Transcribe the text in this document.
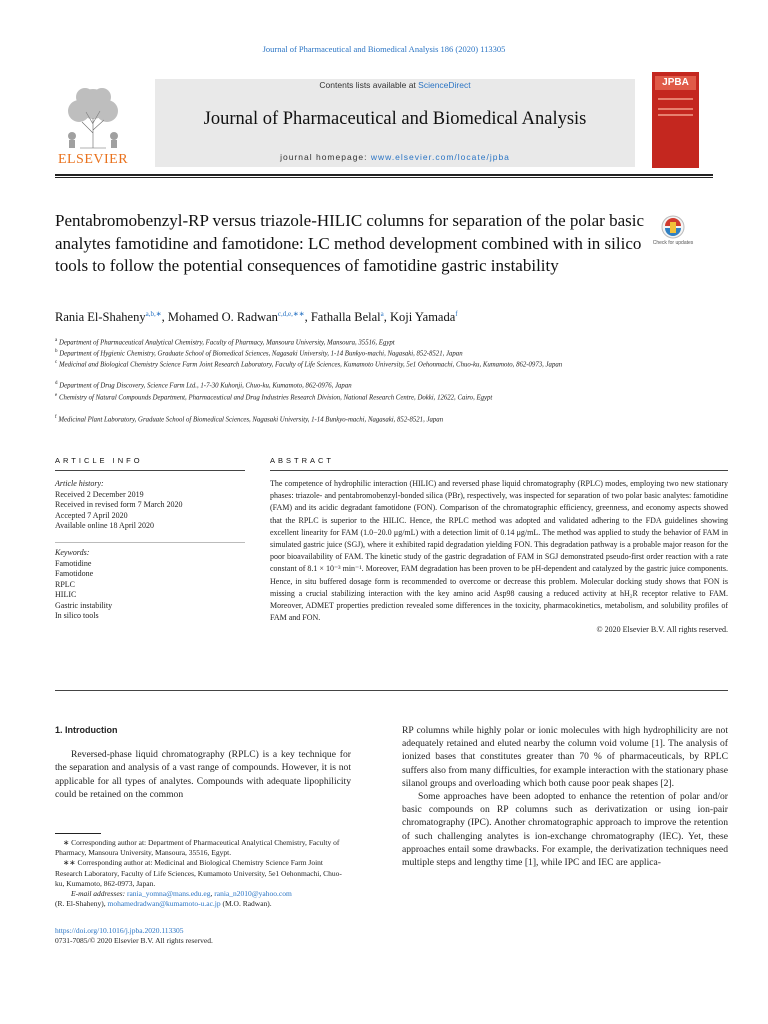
Journal of Pharmaceutical and Biomedical Analysis 186 (2020) 113305
ELSEVIER
Contents lists available at ScienceDirect
Journal of Pharmaceutical and Biomedical Analysis
journal homepage: www.elsevier.com/locate/jpba
JPBA
Pentabromobenzyl-RP versus triazole-HILIC columns for separation of the polar basic analytes famotidine and famotidone: LC method development combined with in silico tools to follow the potential consequences of famotidine gastric instability
Check for updates
Rania El-Shaheny$^{a,b,∗}$, Mohamed O. Radwan$^{c,d,e,∗∗}$, Fathalla Belal$^a$, Koji Yamada$^f$
$^a$ Department of Pharmaceutical Analytical Chemistry, Faculty of Pharmacy, Mansoura University, Mansoura, 35516, Egypt
$^b$ Department of Hygienic Chemistry, Graduate School of Biomedical Sciences, Nagasaki University, 1-14 Bunkyo-machi, Nagasaki, 852-8521, Japan
$^c$ Medicinal and Biological Chemistry Science Farm Joint Research Laboratory, Faculty of Life Sciences, Kumamoto University, 5e1 Oehonmachi, Chuo-ku, Kumamoto, 862-0973, Japan
$^d$ Department of Drug Discovery, Science Farm Ltd., 1-7-30 Kuhonji, Chuo-ku, Kumamoto, 862-0976, Japan
$^e$ Chemistry of Natural Compounds Department, Pharmaceutical and Drug Industries Research Division, National Research Centre, Dokki, 12622, Cairo, Egypt
$^f$ Medicinal Plant Laboratory, Graduate School of Biomedical Sciences, Nagasaki University, 1-14 Bunkyo-machi, Nagasaki, 852-8521, Japan
ARTICLE INFO
Article history:
Received 2 December 2019
Received in revised form 7 March 2020
Accepted 7 April 2020
Available online 18 April 2020
Keywords:
Famotidine
Famotidone
RPLC
HILIC
Gastric instability
In silico tools
ABSTRACT
The competence of hydrophilic interaction (HILIC) and reversed phase liquid chromatography (RPLC) modes, employing two new stationary phases: triazole- and pentabromobenzyl-bonded silica (PBr), respectively, was inspected for separation of two polar basic analytes: famotidine (FAM) and its acidic degradant famotidone (FON). Comparison of the chromatographic efficiency, greenness, and economy aspects showed that the RPLC is superior to the HILIC. Hence, the RPLC method was adopted and validated adhering to the FDA guidelines showing excellent linearity for FAM (1.0−20.0 μg/mL) with a detection limit of 0.14 μg/mL. The method was applied to study the behavior of FAM in simulated gastric juice (SGJ), where it exhibited rapid degradation yielding FON. This degradation pathway is a probable major reason for the poor bioavailability of FAM. The kinetic study of the gastric degradation of FAM in SGJ demonstrated pseudo-first order reaction with a rate constant of 8.1 × 10⁻³ min⁻¹. Moreover, FAM degradation has been proven to be pH-dependent and catalyzed by the gastric juice components. Hence, in situ buffered dosage form is recommended to overcome or decrease this problem. Molecular docking study shows that FON is missing a crucial stabilizing interaction with the key amino acid Asp98 causing a reduced activity at hH₂R receptor relative to FAM. Moreover, ADMET properties prediction revealed some differences in the toxicity, pharmacokinetics, metabolism, and solubility profiles of FAM and FON.
© 2020 Elsevier B.V. All rights reserved.
1. Introduction
Reversed-phase liquid chromatography (RPLC) is a key technique for the separation and analysis of a vast range of compounds. However, it is not applicable for all types of analytes. Compounds with adequate lipophilicity could be retained on the common

∗ Corresponding author at: Department of Pharmaceutical Analytical Chemistry, Faculty of Pharmacy, Mansoura University, Mansoura, 35516, Egypt.

∗∗ Corresponding author at: Medicinal and Biological Chemistry Science Farm Joint Research Laboratory, Faculty of Life Sciences, Kumamoto University, 5e1 Oehonmachi, Chuo-ku, Kumamoto, 862-0973, Japan.

E-mail addresses: rania_yomna@mans.edu.eg, rania_n2010@yahoo.com

(R. El-Shaheny), mohamedradwan@kumamoto-u.ac.jp (M.O. Radwan).

https://doi.org/10.1016/j.jpba.2020.113305
0731-7085/© 2020 Elsevier B.V. All rights reserved.
RP columns while highly polar or ionic molecules with high hydrophilicity are not adequately retained and eluted nearby the column void volume [1]. The analysis of ionized bases that constitutes greater than 70 % of pharmaceuticals, by RPLC suffers also from many difficulties, for example interaction with the stationary phase silanol groups and overloading which both cause poor peak shapes [2].
Some approaches have been adopted to enhance the retention of polar and/or basic compounds on RP columns such as derivatization or using ion-pair chromatography (IPC). Another chromatographic approach to improve the retention of such challenging analytes is ion-exchange chromatography (IEC). Yet, these approaches entail some drawbacks. For example, the derivatization techniques need multiple steps and lengthy time [1], while IPC and IEC are applica-
